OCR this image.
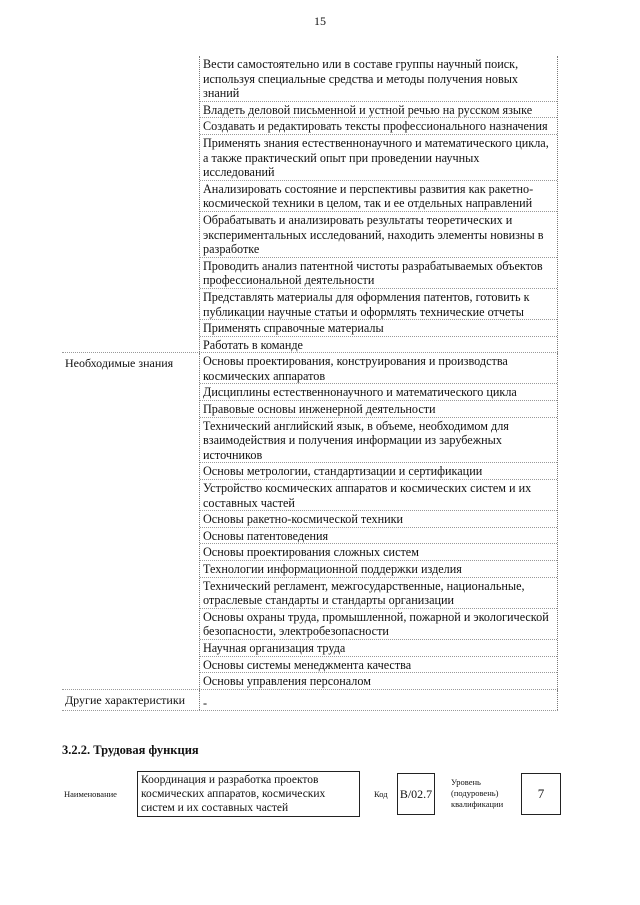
15
Вести самостоятельно или в составе группы научный поиск, используя специальные средства и методы получения новых знаний
Владеть деловой письменной и устной речью на русском языке
Создавать и редактировать тексты профессионального назначения
Применять знания естественнонаучного и математического цикла, а также практический опыт при проведении научных исследований
Анализировать состояние и перспективы развития как ракетно-космической техники в целом, так и ее отдельных направлений
Обрабатывать и анализировать результаты теоретических и экспериментальных исследований, находить элементы новизны в разработке
Проводить анализ патентной чистоты разрабатываемых объектов профессиональной деятельности
Представлять материалы для оформления патентов, готовить к публикации научные статьи и оформлять технические отчеты
Применять справочные материалы
Работать в команде
Необходимые знания	Основы проектирования, конструирования и производства космических аппаратов
Дисциплины естественнонаучного и математического цикла
Правовые основы инженерной деятельности
Технический английский язык, в объеме, необходимом для взаимодействия и получения информации из зарубежных источников
Основы метрологии, стандартизации и сертификации
Устройство космических аппаратов и космических систем и их составных частей
Основы ракетно-космической техники
Основы патентоведения
Основы проектирования сложных систем
Технологии информационной поддержки изделия
Технический регламент, межгосударственные, национальные, отраслевые стандарты и стандарты организации
Основы охраны труда, промышленной, пожарной и экологической безопасности, электробезопасности
Научная организация труда
Основы системы менеджмента качества
Основы управления персоналом
Другие характеристики	-
3.2.2. Трудовая функция
Наименование
Координация и разработка проектов космических аппаратов, космических систем и их составных частей
Код B/02.7
Уровень (подуровень) квалификации
7
